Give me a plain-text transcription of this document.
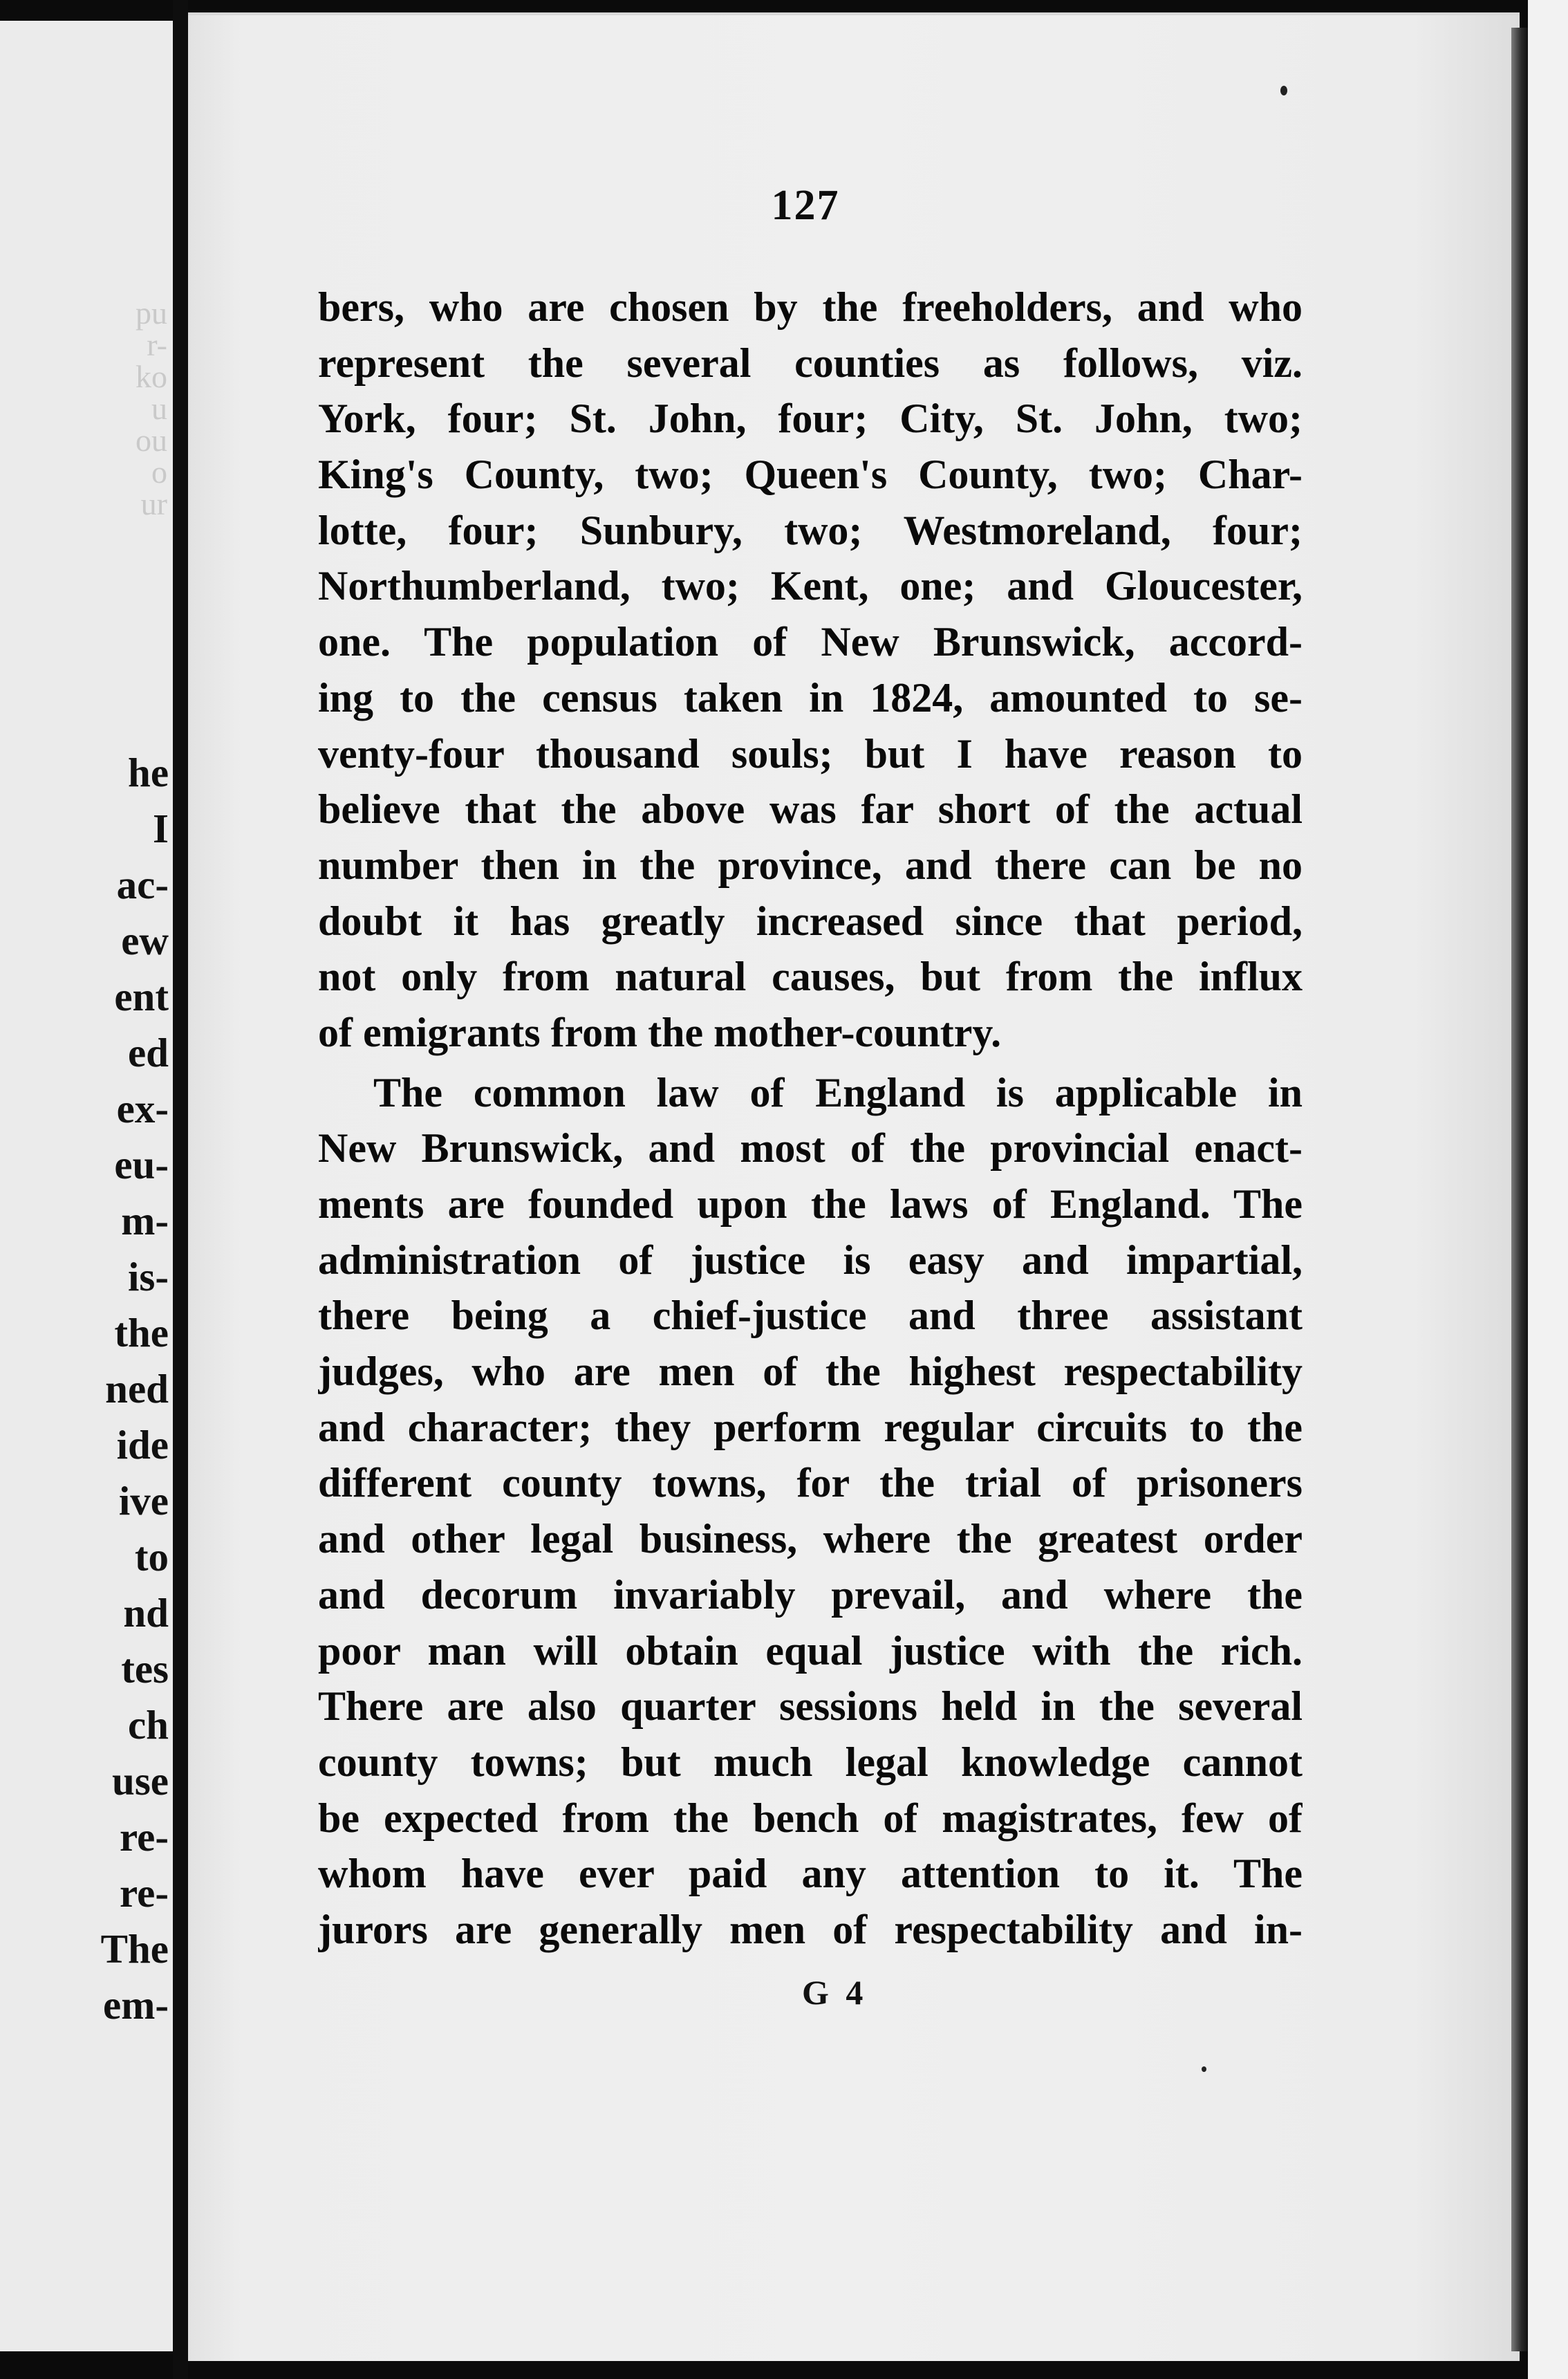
pu
r-
ko
u
ou
o
ur
he
I
ac-
ew
ent
ed
ex-
eu-
m-
is-
the
ned
ide
ive
to
nd
tes
ch
use
re-
re-
The
em-
127
bers, who are chosen by the freeholders, and who
represent the several counties as follows, viz.
York, four; St. John, four; City, St. John, two;
King's County, two; Queen's County, two; Char-
lotte, four; Sunbury, two; Westmoreland, four;
Northumberland, two; Kent, one; and Gloucester,
one. The population of New Brunswick, accord-
ing to the census taken in 1824, amounted to se-
venty-four thousand souls; but I have reason to
believe that the above was far short of the actual
number then in the province, and there can be no
doubt it has greatly increased since that period,
not only from natural causes, but from the influx
of emigrants from the mother-country.
The common law of England is applicable in
New Brunswick, and most of the provincial enact-
ments are founded upon the laws of England. The
administration of justice is easy and impartial,
there being a chief-justice and three assistant
judges, who are men of the highest respectability
and character; they perform regular circuits to the
different county towns, for the trial of prisoners
and other legal business, where the greatest order
and decorum invariably prevail, and where the
poor man will obtain equal justice with the rich.
There are also quarter sessions held in the several
county towns; but much legal knowledge cannot
be expected from the bench of magistrates, few of
whom have ever paid any attention to it. The
jurors are generally men of respectability and in-
G 4
